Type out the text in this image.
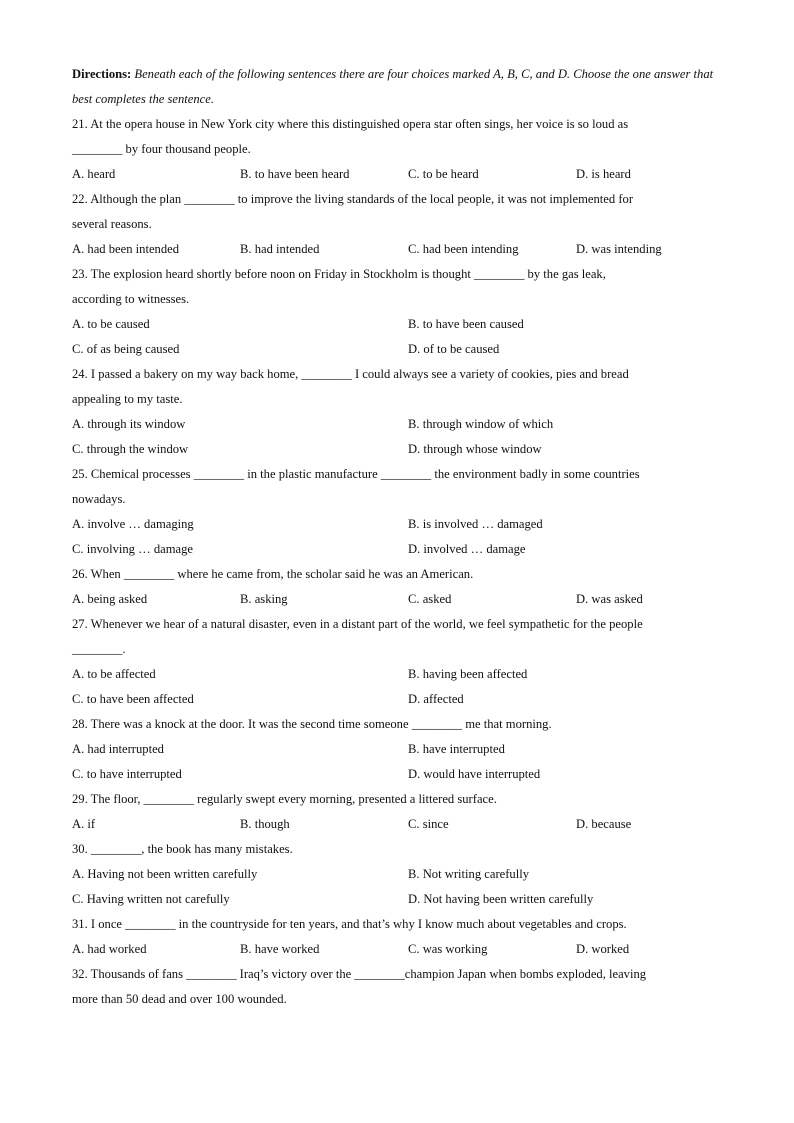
Directions: Beneath each of the following sentences there are four choices marked A, B, C, and D. Choose the one answer that best completes the sentence.
21. At the opera house in New York city where this distinguished opera star often sings, her voice is so loud as
________ by four thousand people.
A. heard	B. to have been heard	C. to be heard	D. is heard
22. Although the plan ________ to improve the living standards of the local people, it was not implemented for
several reasons.
A. had been intended	B. had intended	C. had been intending	D. was intending
23. The explosion heard shortly before noon on Friday in Stockholm is thought ________ by the gas leak,
according to witnesses.
A. to be caused	B. to have been caused
C. of as being caused	D. of to be caused
24. I passed a bakery on my way back home, ________ I could always see a variety of cookies, pies and bread
appealing to my taste.
A. through its window	B. through window of which
C. through the window	D. through whose window
25. Chemical processes ________ in the plastic manufacture ________ the environment badly in some countries
nowadays.
A. involve … damaging	B. is involved … damaged
C. involving … damage	D. involved … damage
26. When ________ where he came from, the scholar said he was an American.
A. being asked	B. asking	C. asked	D. was asked
27. Whenever we hear of a natural disaster, even in a distant part of the world, we feel sympathetic for the people
________.
A. to be affected	B. having been affected
C. to have been affected	D. affected
28. There was a knock at the door. It was the second time someone ________ me that morning.
A. had interrupted	B. have interrupted
C. to have interrupted	D. would have interrupted
29. The floor, ________ regularly swept every morning, presented a littered surface.
A. if	B. though	C. since	D. because
30. ________, the book has many mistakes.
A. Having not been written carefully	B. Not writing carefully
C. Having written not carefully	D. Not having been written carefully
31. I once ________ in the countryside for ten years, and that’s why I know much about vegetables and crops.
A. had worked	B. have worked	C. was working	D. worked
32. Thousands of fans ________ Iraq’s victory over the ________champion Japan when bombs exploded, leaving
more than 50 dead and over 100 wounded.
